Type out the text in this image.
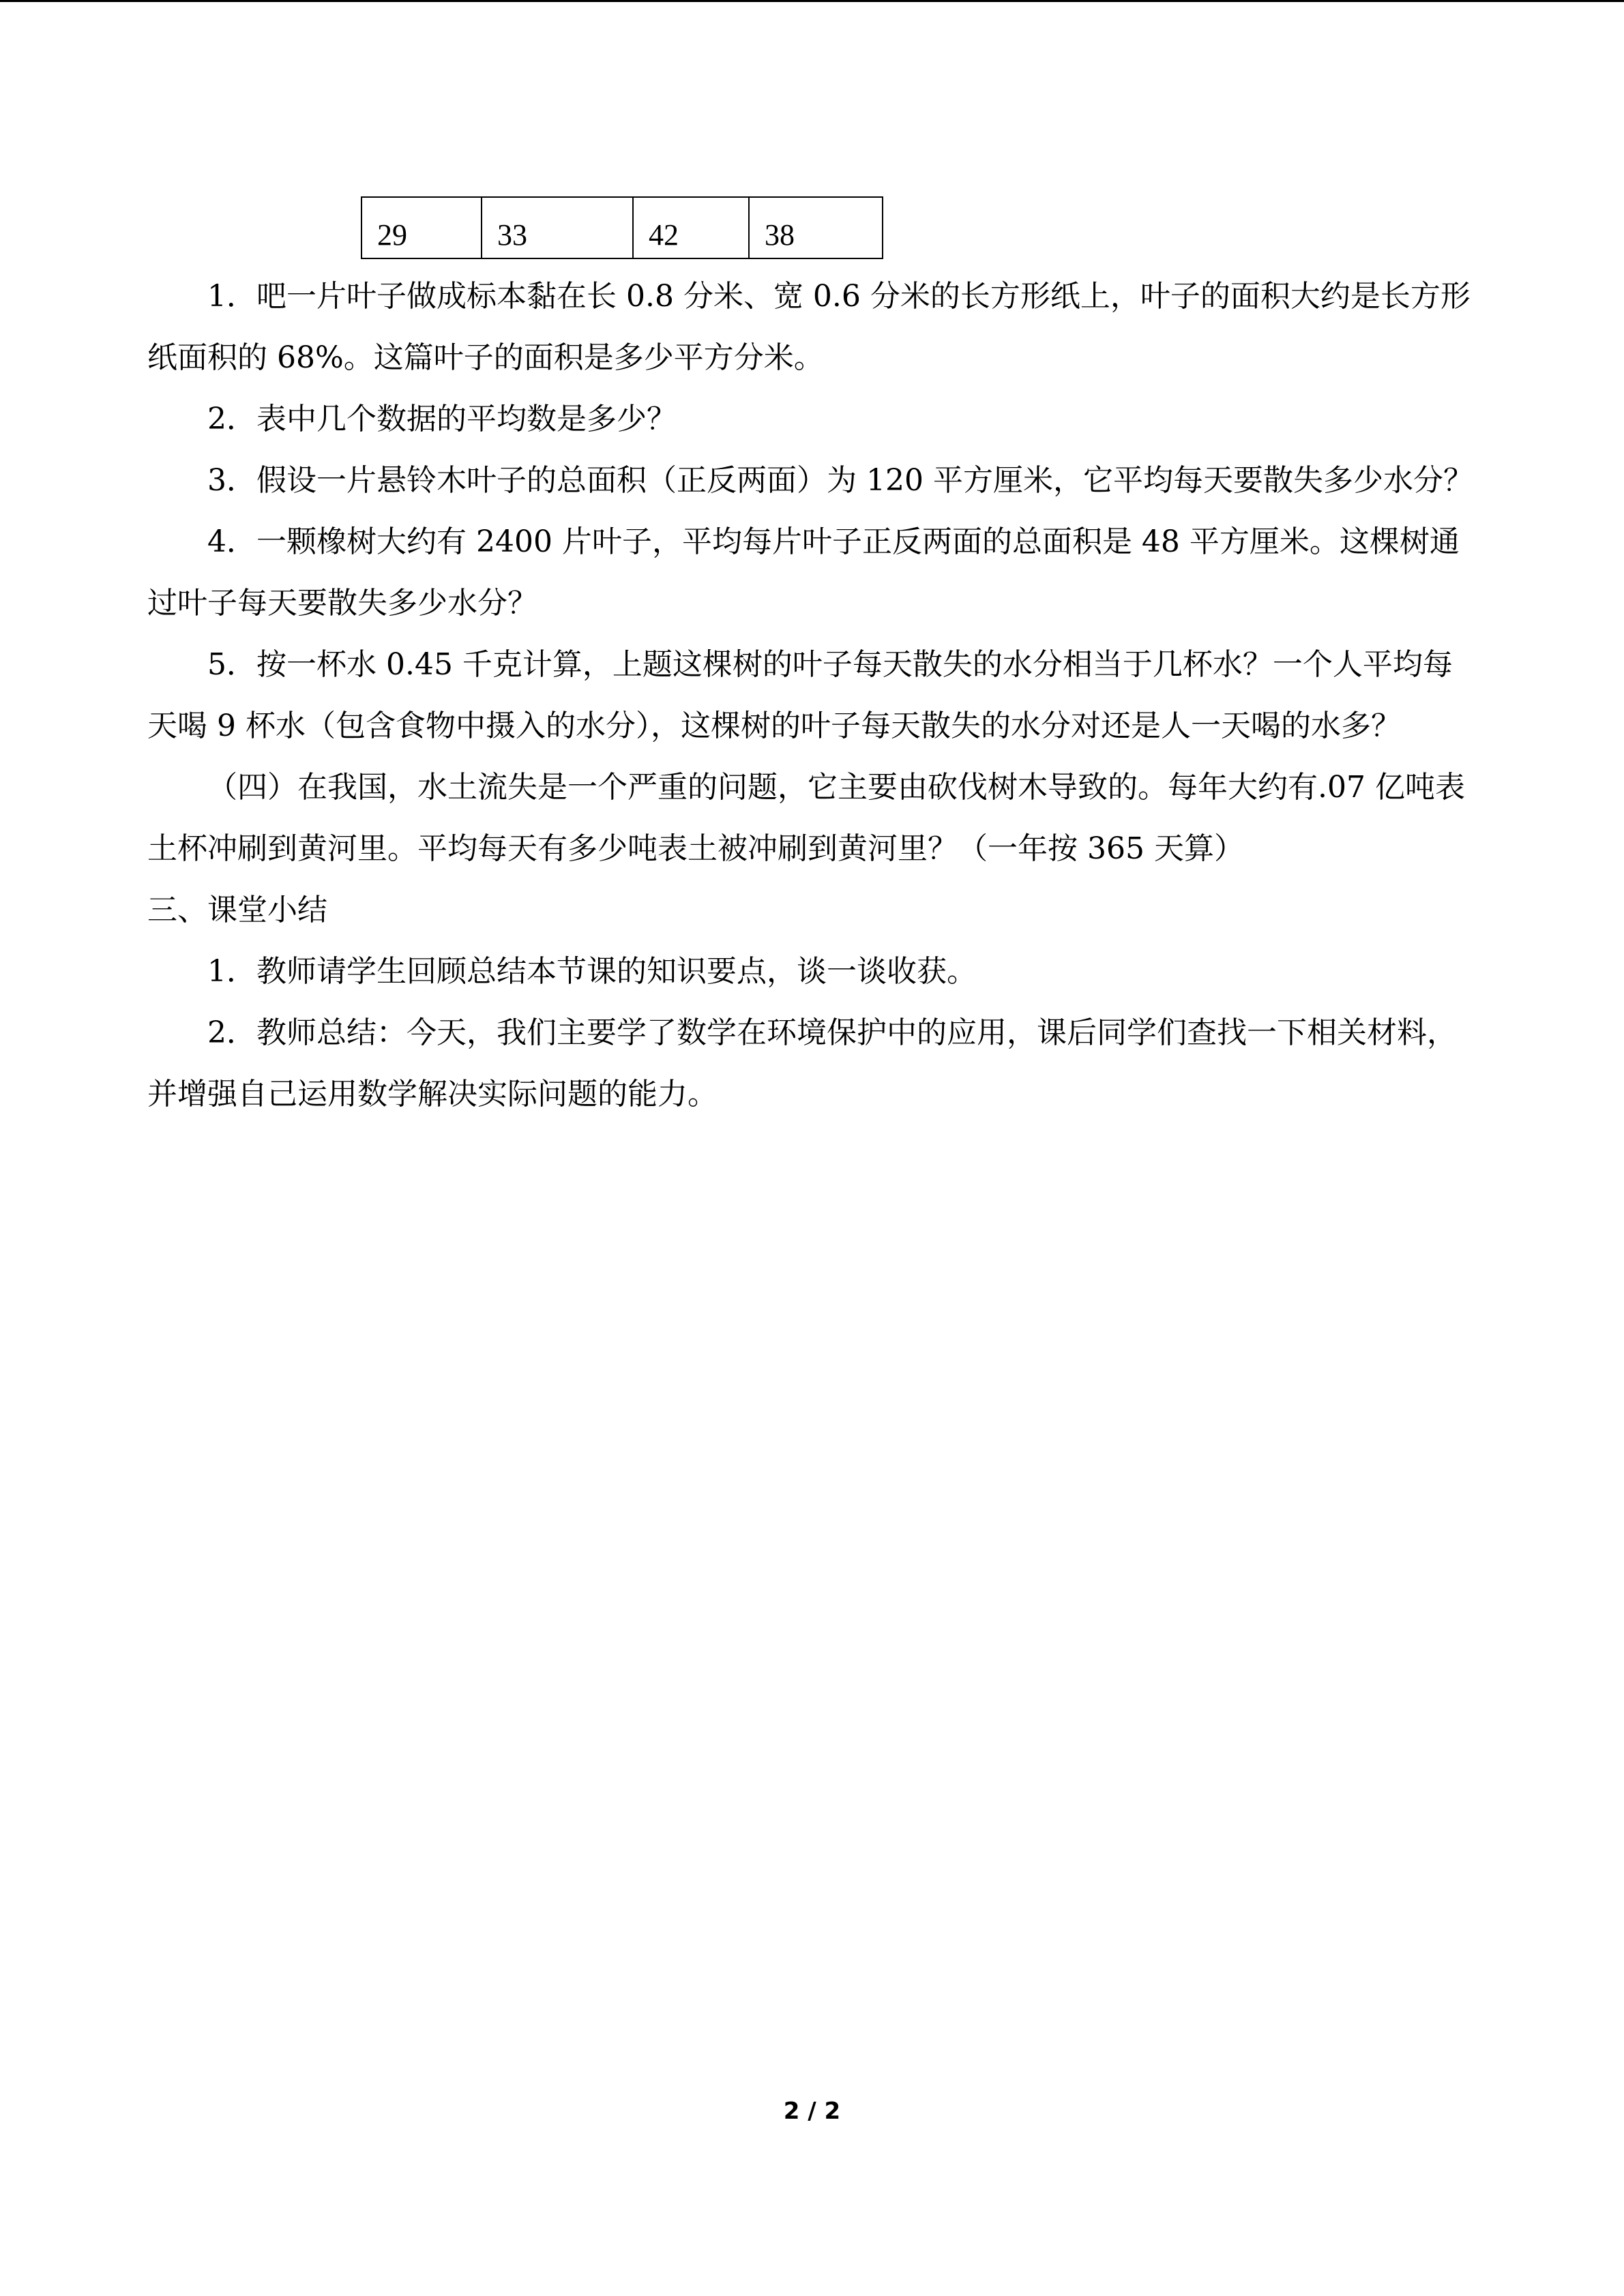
29	33	42	38

1．吧一片叶子做成标本黏在长 0.8 分米、宽 0.6 分米的长方形纸上，叶子的面积大约是长方形纸面积的 68%。这篇叶子的面积是多少平方分米。

2．表中几个数据的平均数是多少？

3．假设一片悬铃木叶子的总面积（正反两面）为 120 平方厘米，它平均每天要散失多少水分？

4．一颗橡树大约有 2400 片叶子，平均每片叶子正反两面的总面积是 48 平方厘米。这棵树通过叶子每天要散失多少水分？

5．按一杯水 0.45 千克计算，上题这棵树的叶子每天散失的水分相当于几杯水？一个人平均每天喝 9 杯水（包含食物中摄入的水分），这棵树的叶子每天散失的水分对还是人一天喝的水多？

（四）在我国，水土流失是一个严重的问题，它主要由砍伐树木导致的。每年大约有.07 亿吨表土杯冲刷到黄河里。平均每天有多少吨表土被冲刷到黄河里？（一年按 365 天算）

三、课堂小结

1．教师请学生回顾总结本节课的知识要点，谈一谈收获。

2．教师总结：今天，我们主要学了数学在环境保护中的应用，课后同学们查找一下相关材料，并增强自己运用数学解决实际问题的能力。

2 / 2
